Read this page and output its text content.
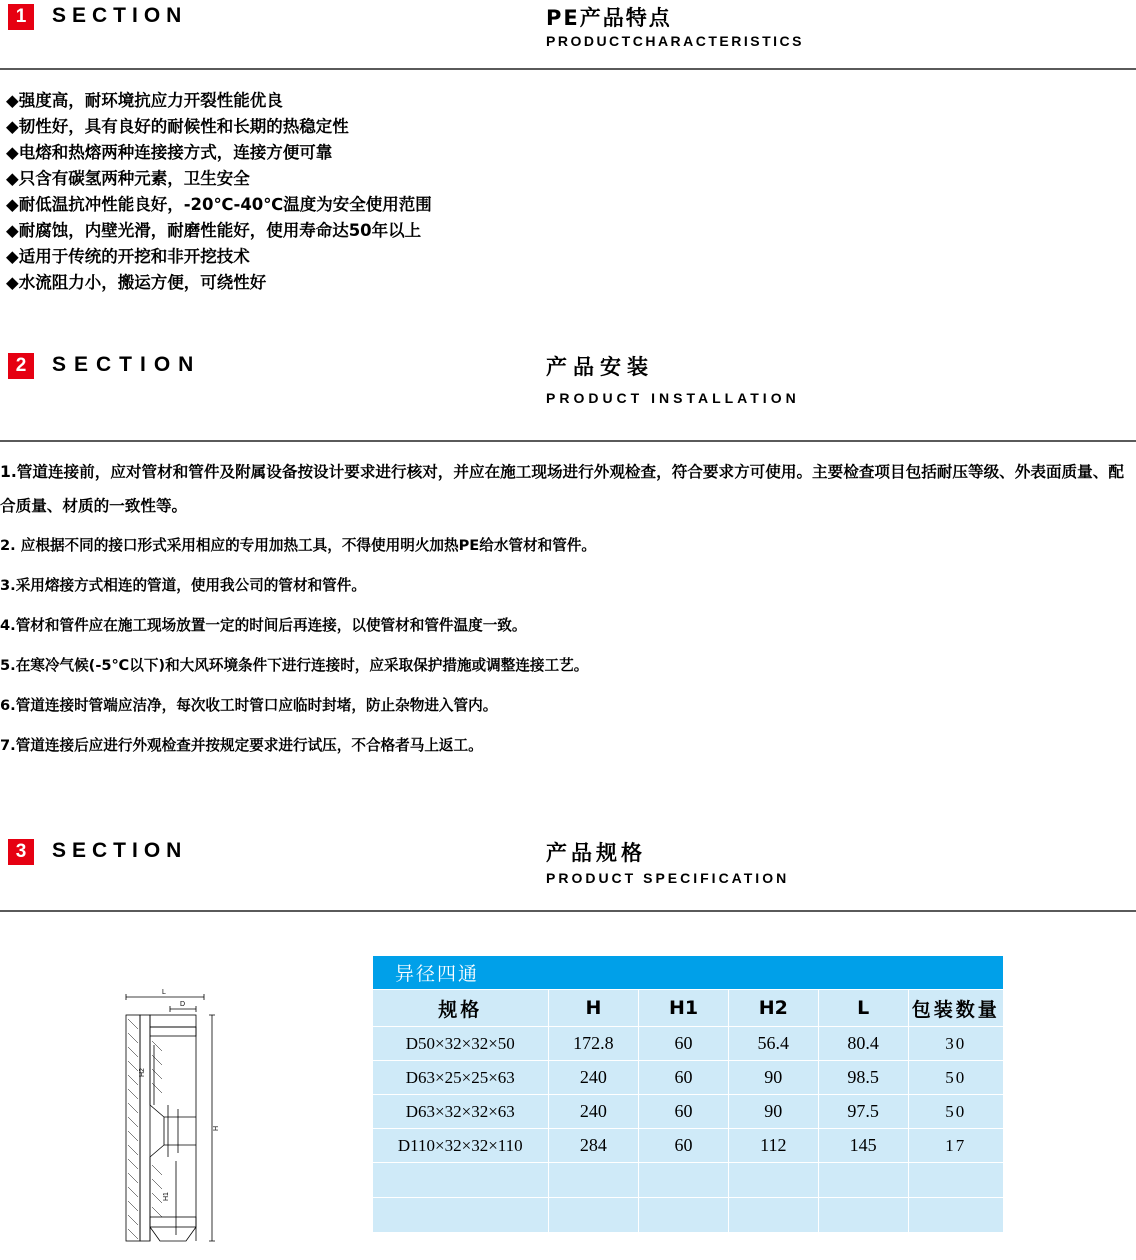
1	SECTION	PE产品特点
PRODUCTCHARACTERISTICS
◆强度高，耐环境抗应力开裂性能优良
◆韧性好，具有良好的耐候性和长期的热稳定性
◆电熔和热熔两种连接接方式，连接方便可靠
◆只含有碳氢两种元素，卫生安全
◆耐低温抗冲性能良好，-20℃-40℃温度为安全使用范围
◆耐腐蚀，内壁光滑，耐磨性能好，使用寿命达50年以上
◆适用于传统的开挖和非开挖技术
◆水流阻力小，搬运方便，可绕性好
2	SECTION	产品安装
PRODUCT INSTALLATION

1.管道连接前，应对管材和管件及附属设备按设计要求进行核对，并应在施工现场进行外观检查，符合要求方可使用。主要检查项目包括耐压等级、外表面质量、配合质量、材质的一致性等。

2. 应根据不同的接口形式采用相应的专用加热工具，不得使用明火加热PE给水管材和管件。

3.采用熔接方式相连的管道，使用我公司的管材和管件。

4.管材和管件应在施工现场放置一定的时间后再连接，以使管材和管件温度一致。

5.在寒冷气候(-5℃以下)和大风环境条件下进行连接时，应采取保护措施或调整连接工艺。

6.管道连接时管端应洁净，每次收工时管口应临时封堵，防止杂物进入管内。

7.管道连接后应进行外观检查并按规定要求进行试压，不合格者马上返工。

3	SECTION	产品规格
PRODUCT SPECIFICATION
L
D
H2
H1
H
异径四通					
规格	H	H1	H2	L	包装数量
D50×32×32×50	172.8	60	56.4	80.4	30
D63×25×25×63	240	60	90	98.5	50
D63×32×32×63	240	60	90	97.5	50
D110×32×32×110	284	60	112	145	17
